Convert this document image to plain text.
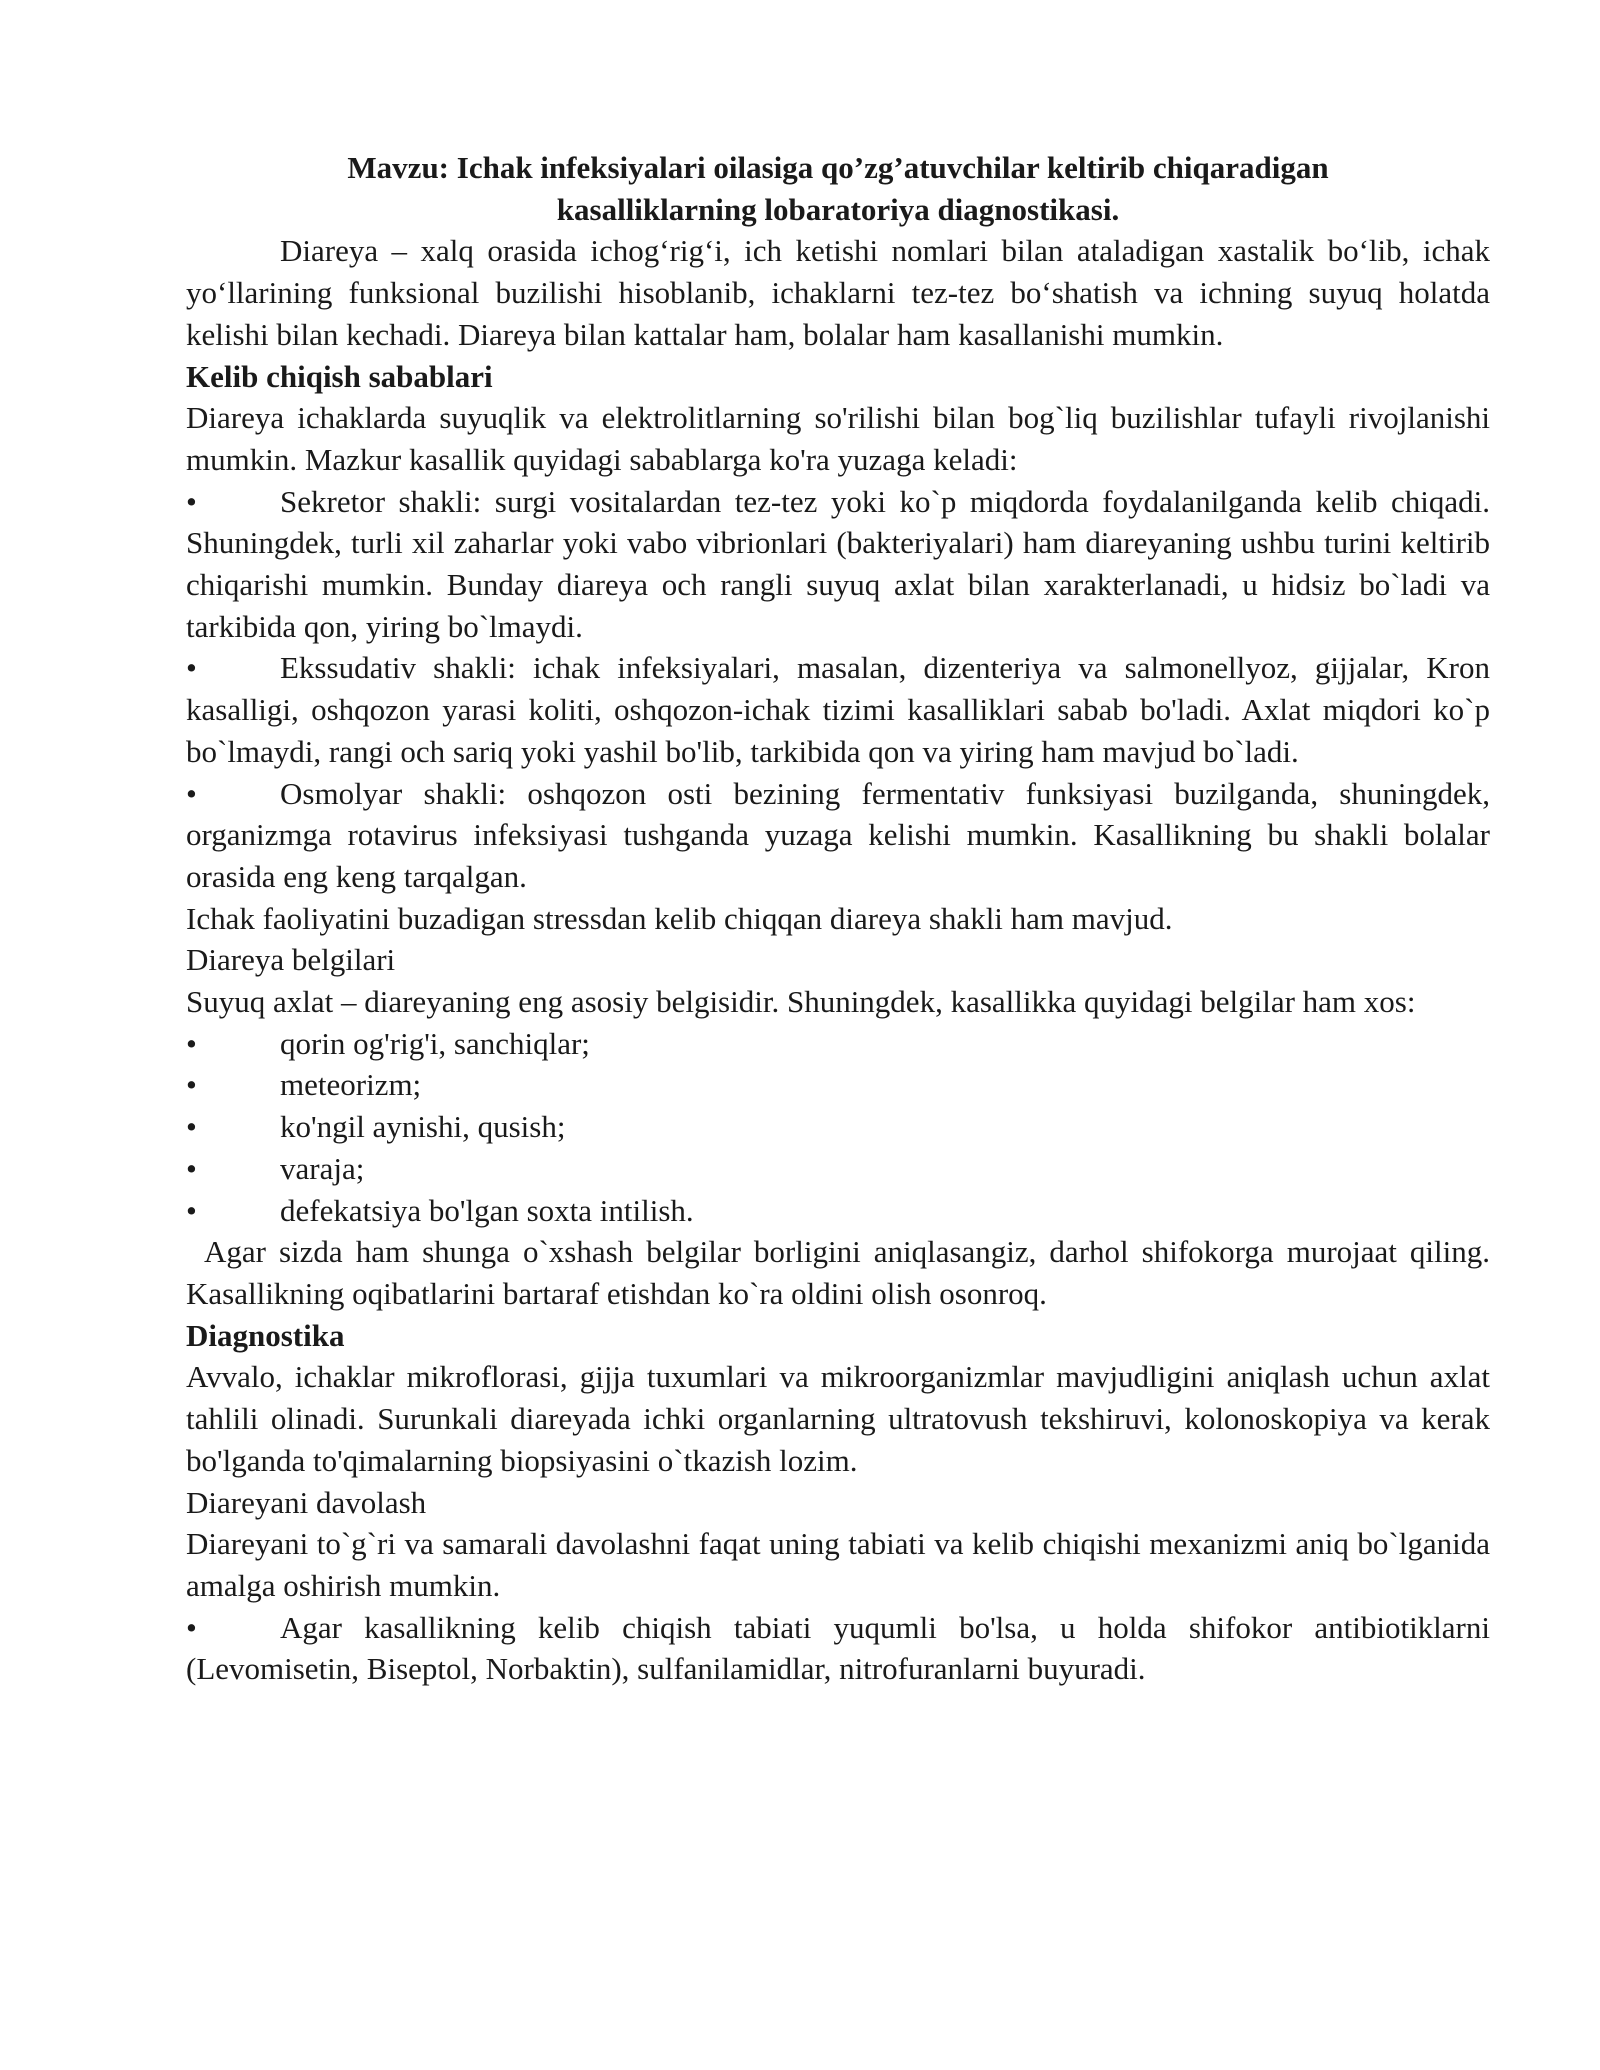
Mavzu: Ichak infeksiyalari oilasiga qo’zg’atuvchilar keltirib chiqaradigan
kasalliklarning lobaratoriya diagnostikasi.

Diareya – xalq orasida ichog‘rig‘i, ich ketishi nomlari bilan ataladigan xastalik bo‘lib, ichak yo‘llarining funksional buzilishi hisoblanib, ichaklarni tez-tez bo‘shatish va ichning suyuq holatda kelishi bilan kechadi. Diareya bilan kattalar ham, bolalar ham kasallanishi mumkin.

Kelib chiqish sabablari

Diareya ichaklarda suyuqlik va elektrolitlarning so'rilishi bilan bog`liq buzilishlar tufayli rivojlanishi mumkin. Mazkur kasallik quyidagi sabablarga ko'ra yuzaga keladi:

•	Sekretor shakli: surgi vositalardan tez-tez yoki ko`p miqdorda foydalanilganda kelib chiqadi. Shuningdek, turli xil zaharlar yoki vabo vibrionlari (bakteriyalari) ham diareyaning ushbu turini keltirib chiqarishi mumkin. Bunday diareya och rangli suyuq axlat bilan xarakterlanadi, u hidsiz bo`ladi va tarkibida qon, yiring bo`lmaydi.

•	Ekssudativ shakli: ichak infeksiyalari, masalan, dizenteriya va salmonellyoz, gijjalar, Kron kasalligi, oshqozon yarasi koliti, oshqozon-ichak tizimi kasalliklari sabab bo'ladi. Axlat miqdori ko`p bo`lmaydi, rangi och sariq yoki yashil bo'lib, tarkibida qon va yiring ham mavjud bo`ladi.

•	Osmolyar shakli: oshqozon osti bezining fermentativ funksiyasi buzilganda, shuningdek, organizmga rotavirus infeksiyasi tushganda yuzaga kelishi mumkin. Kasallikning bu shakli bolalar orasida eng keng tarqalgan.

Ichak faoliyatini buzadigan stressdan kelib chiqqan diareya shakli ham mavjud.

Diareya belgilari

Suyuq axlat – diareyaning eng asosiy belgisidir. Shuningdek, kasallikka quyidagi belgilar ham xos:

•	qorin og'rig'i, sanchiqlar;

•	meteorizm;

•	ko'ngil aynishi, qusish;

•	varaja;

•	defekatsiya bo'lgan soxta intilish.

Agar sizda ham shunga o`xshash belgilar borligini aniqlasangiz, darhol shifokorga murojaat qiling. Kasallikning oqibatlarini bartaraf etishdan ko`ra oldini olish osonroq.

Diagnostika

Avvalo, ichaklar mikroflorasi, gijja tuxumlari va mikroorganizmlar mavjudligini aniqlash uchun axlat tahlili olinadi. Surunkali diareyada ichki organlarning ultratovush tekshiruvi, kolonoskopiya va kerak bo'lganda to'qimalarning biopsiyasini o`tkazish lozim.

Diareyani davolash

Diareyani to`g`ri va samarali davolashni faqat uning tabiati va kelib chiqishi mexanizmi aniq bo`lganida amalga oshirish mumkin.

•	Agar kasallikning kelib chiqish tabiati yuqumli bo'lsa, u holda shifokor antibiotiklarni (Levomisetin, Biseptol, Norbaktin), sulfanilamidlar, nitrofuranlarni buyuradi.
